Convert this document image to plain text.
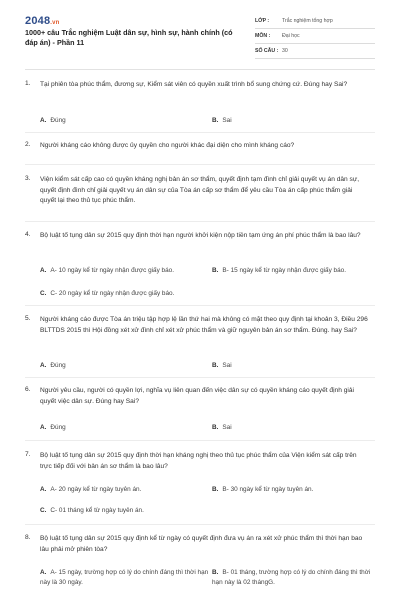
2048.vn
1000+ câu Trắc nghiệm Luật dân sự, hình sự, hành chính (có đáp án) - Phần 11
LỚP : Trắc nghiệm tổng hợp
MÔN : Đại học
SỐ CÂU : 30
1. Tại phiên tòa phúc thẩm, đương sự, Kiểm sát viên có quyền xuất trình bổ sung chứng cứ. Đúng hay Sai?
A. Đúng	B. Sai
2. Người kháng cáo không được ủy quyền cho người khác đại diện cho mình kháng cáo?
3. Viện kiểm sát cấp cao có quyền kháng nghị bản án sơ thẩm, quyết định tạm đình chỉ giải quyết vụ án dân sự, quyết định đình chỉ giải quyết vụ án dân sự của Tòa án cấp sơ thẩm để yêu cầu Tòa án cấp phúc thẩm giải quyết lại theo thủ tục phúc thẩm.
4. Bộ luật tố tụng dân sự 2015 quy định thời hạn người khởi kiện nộp tiền tạm ứng án phí phúc thẩm là bao lâu?
A. A- 10 ngày kể từ ngày nhận được giấy báo.	B. B- 15 ngày kể từ ngày nhận được giấy báo.
C. C- 20 ngày kể từ ngày nhận được giấy báo.
5. Người kháng cáo được Tòa án triệu tập hợp lệ lần thứ hai mà không có mặt theo quy định tại khoản 3, Điều 296 BLTTDS 2015 thì Hội đồng xét xử đình chỉ xét xử phúc thẩm và giữ nguyên bản án sơ thẩm. Đúng. hay Sai?
A. Đúng	B. Sai
6. Người yêu cầu, người có quyền lợi, nghĩa vụ liên quan đến việc dân sự có quyền kháng cáo quyết định giải quyết việc dân sự. Đúng hay Sai?
A. Đúng	B. Sai
7. Bộ luật tố tụng dân sự 2015 quy định thời hạn kháng nghị theo thủ tục phúc thẩm của Viện kiểm sát cấp trên trực tiếp đối với bản án sơ thẩm là bao lâu?
A. A- 20 ngày kể từ ngày tuyên án.	B. B- 30 ngày kể từ ngày tuyên án.
C. C- 01 tháng kể từ ngày tuyên án.
8. Bộ luật tố tụng dân sự 2015 quy định kể từ ngày có quyết định đưa vụ án ra xét xử phúc thẩm thì thời hạn bao lâu phải mở phiên tòa?
A. A- 15 ngày, trường hợp có lý do chính đáng thì thời hạn này là 30 ngày.
B. B- 01 tháng, trường hợp có lý do chính đáng thì thời hạn này là 02 thángG.
